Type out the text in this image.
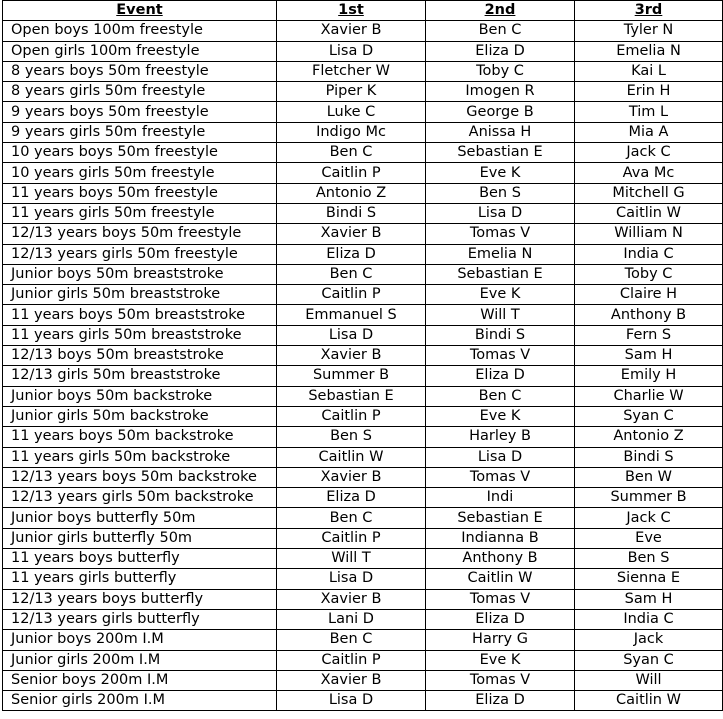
Event	1st	2nd	3rd
Open boys 100m freestyle	Xavier B	Ben C	Tyler N
Open girls 100m freestyle	Lisa D	Eliza D	Emelia N
8 years boys 50m freestyle	Fletcher W	Toby C	Kai L
8 years girls 50m freestyle	Piper K	Imogen R	Erin H
9 years boys 50m freestyle	Luke C	George B	Tim L
9 years girls 50m freestyle	Indigo Mc	Anissa H	Mia A
10 years boys 50m freestyle	Ben C	Sebastian E	Jack C
10 years girls 50m freestyle	Caitlin P	Eve K	Ava Mc
11 years boys 50m freestyle	Antonio Z	Ben S	Mitchell G
11 years girls 50m freestyle	Bindi S	Lisa D	Caitlin W
12/13 years boys 50m freestyle	Xavier B	Tomas V	William N
12/13 years girls 50m freestyle	Eliza D	Emelia N	India C
Junior boys 50m breaststroke	Ben C	Sebastian E	Toby C
Junior girls 50m breaststroke	Caitlin P	Eve K	Claire H
11 years boys 50m breaststroke	Emmanuel S	Will T	Anthony B
11 years girls 50m breaststroke	Lisa D	Bindi S	Fern S
12/13 boys 50m breaststroke	Xavier B	Tomas V	Sam H
12/13 girls 50m breaststroke	Summer B	Eliza D	Emily H
Junior boys 50m backstroke	Sebastian E	Ben C	Charlie W
Junior girls 50m backstroke	Caitlin P	Eve K	Syan C
11 years boys 50m backstroke	Ben S	Harley B	Antonio Z
11 years girls 50m backstroke	Caitlin W	Lisa D	Bindi S
12/13 years boys 50m backstroke	Xavier B	Tomas V	Ben W
12/13 years girls 50m backstroke	Eliza D	Indi	Summer B
Junior boys butterfly 50m	Ben C	Sebastian E	Jack C
Junior girls butterfly 50m	Caitlin P	Indianna B	Eve
11 years boys butterfly	Will T	Anthony B	Ben S
11 years girls butterfly	Lisa D	Caitlin W	Sienna E
12/13 years boys butterfly	Xavier B	Tomas V	Sam H
12/13 years girls butterfly	Lani D	Eliza D	India C
Junior boys 200m I.M	Ben C	Harry G	Jack
Junior girls 200m I.M	Caitlin P	Eve K	Syan C
Senior boys 200m I.M	Xavier B	Tomas V	Will
Senior girls 200m I.M	Lisa D	Eliza D	Caitlin W
